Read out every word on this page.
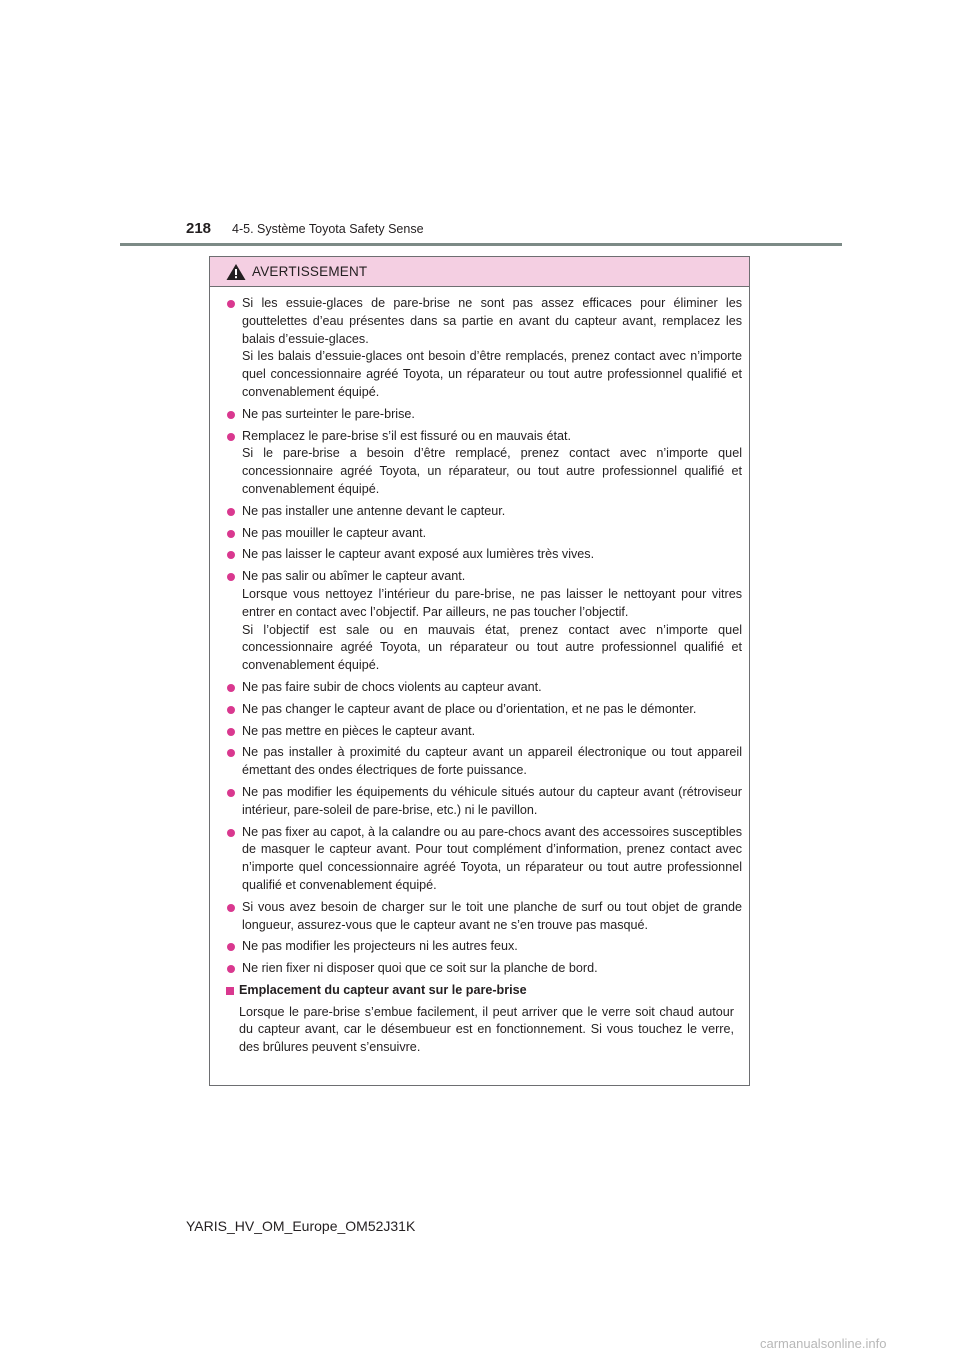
218 4-5. Système Toyota Safety Sense
AVERTISSEMENT
Si les essuie-glaces de pare-brise ne sont pas assez efficaces pour éliminer les gouttelettes d’eau présentes dans sa partie en avant du capteur avant, remplacez les balais d’essuie-glaces.
Si les balais d’essuie-glaces ont besoin d’être remplacés, prenez contact avec n’importe quel concessionnaire agréé Toyota, un réparateur ou tout autre professionnel qualifié et convenablement équipé.
Ne pas surteinter le pare-brise.
Remplacez le pare-brise s’il est fissuré ou en mauvais état.
Si le pare-brise a besoin d’être remplacé, prenez contact avec n’importe quel concessionnaire agréé Toyota, un réparateur, ou tout autre professionnel qualifié et convenablement équipé.
Ne pas installer une antenne devant le capteur.
Ne pas mouiller le capteur avant.
Ne pas laisser le capteur avant exposé aux lumières très vives.
Ne pas salir ou abîmer le capteur avant.
Lorsque vous nettoyez l’intérieur du pare-brise, ne pas laisser le nettoyant pour vitres entrer en contact avec l’objectif. Par ailleurs, ne pas toucher l’objectif.
Si l’objectif est sale ou en mauvais état, prenez contact avec n’importe quel concessionnaire agréé Toyota, un réparateur ou tout autre professionnel qualifié et convenablement équipé.
Ne pas faire subir de chocs violents au capteur avant.
Ne pas changer le capteur avant de place ou d’orientation, et ne pas le démonter.
Ne pas mettre en pièces le capteur avant.
Ne pas installer à proximité du capteur avant un appareil électronique ou tout appareil émettant des ondes électriques de forte puissance.
Ne pas modifier les équipements du véhicule situés autour du capteur avant (rétroviseur intérieur, pare-soleil de pare-brise, etc.) ni le pavillon.
Ne pas fixer au capot, à la calandre ou au pare-chocs avant des accessoires susceptibles de masquer le capteur avant. Pour tout complément d’information, prenez contact avec n’importe quel concessionnaire agréé Toyota, un réparateur ou tout autre professionnel qualifié et convenablement équipé.
Si vous avez besoin de charger sur le toit une planche de surf ou tout objet de grande longueur, assurez-vous que le capteur avant ne s’en trouve pas masqué.
Ne pas modifier les projecteurs ni les autres feux.
Ne rien fixer ni disposer quoi que ce soit sur la planche de bord.
Emplacement du capteur avant sur le pare-brise
Lorsque le pare-brise s’embue facilement, il peut arriver que le verre soit chaud autour du capteur avant, car le désembueur est en fonctionnement. Si vous touchez le verre, des brûlures peuvent s’ensuivre.
YARIS_HV_OM_Europe_OM52J31K
carmanualsonline.info
